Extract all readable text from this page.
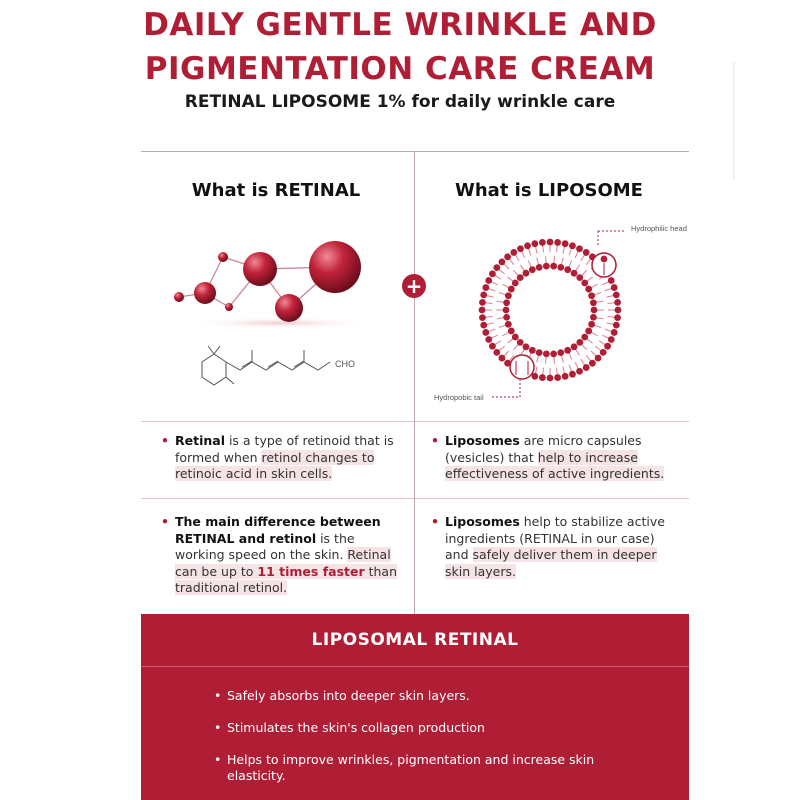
DAILY GENTLE WRINKLE AND
PIGMENTATION CARE CREAM
RETINAL LIPOSOME 1% for daily wrinkle care
What is RETINAL	What is LIPOSOME
CHO
+
Hydrophilic head
Hydropobic tail
• Retinal is a type of retinoid that is formed when retinol changes to retinoic acid in skin cells.
• Liposomes are micro capsules (vesicles) that help to increase effectiveness of active ingredients.
• The main difference between RETINAL and retinol is the working speed on the skin. Retinal can be up to 11 times faster than traditional retinol.
• Liposomes help to stabilize active ingredients (RETINAL in our case) and safely deliver them in deeper skin layers.
LIPOSOMAL RETINAL
• Safely absorbs into deeper skin layers.
• Stimulates the skin's collagen production
• Helps to improve wrinkles, pigmentation and increase skin elasticity.
